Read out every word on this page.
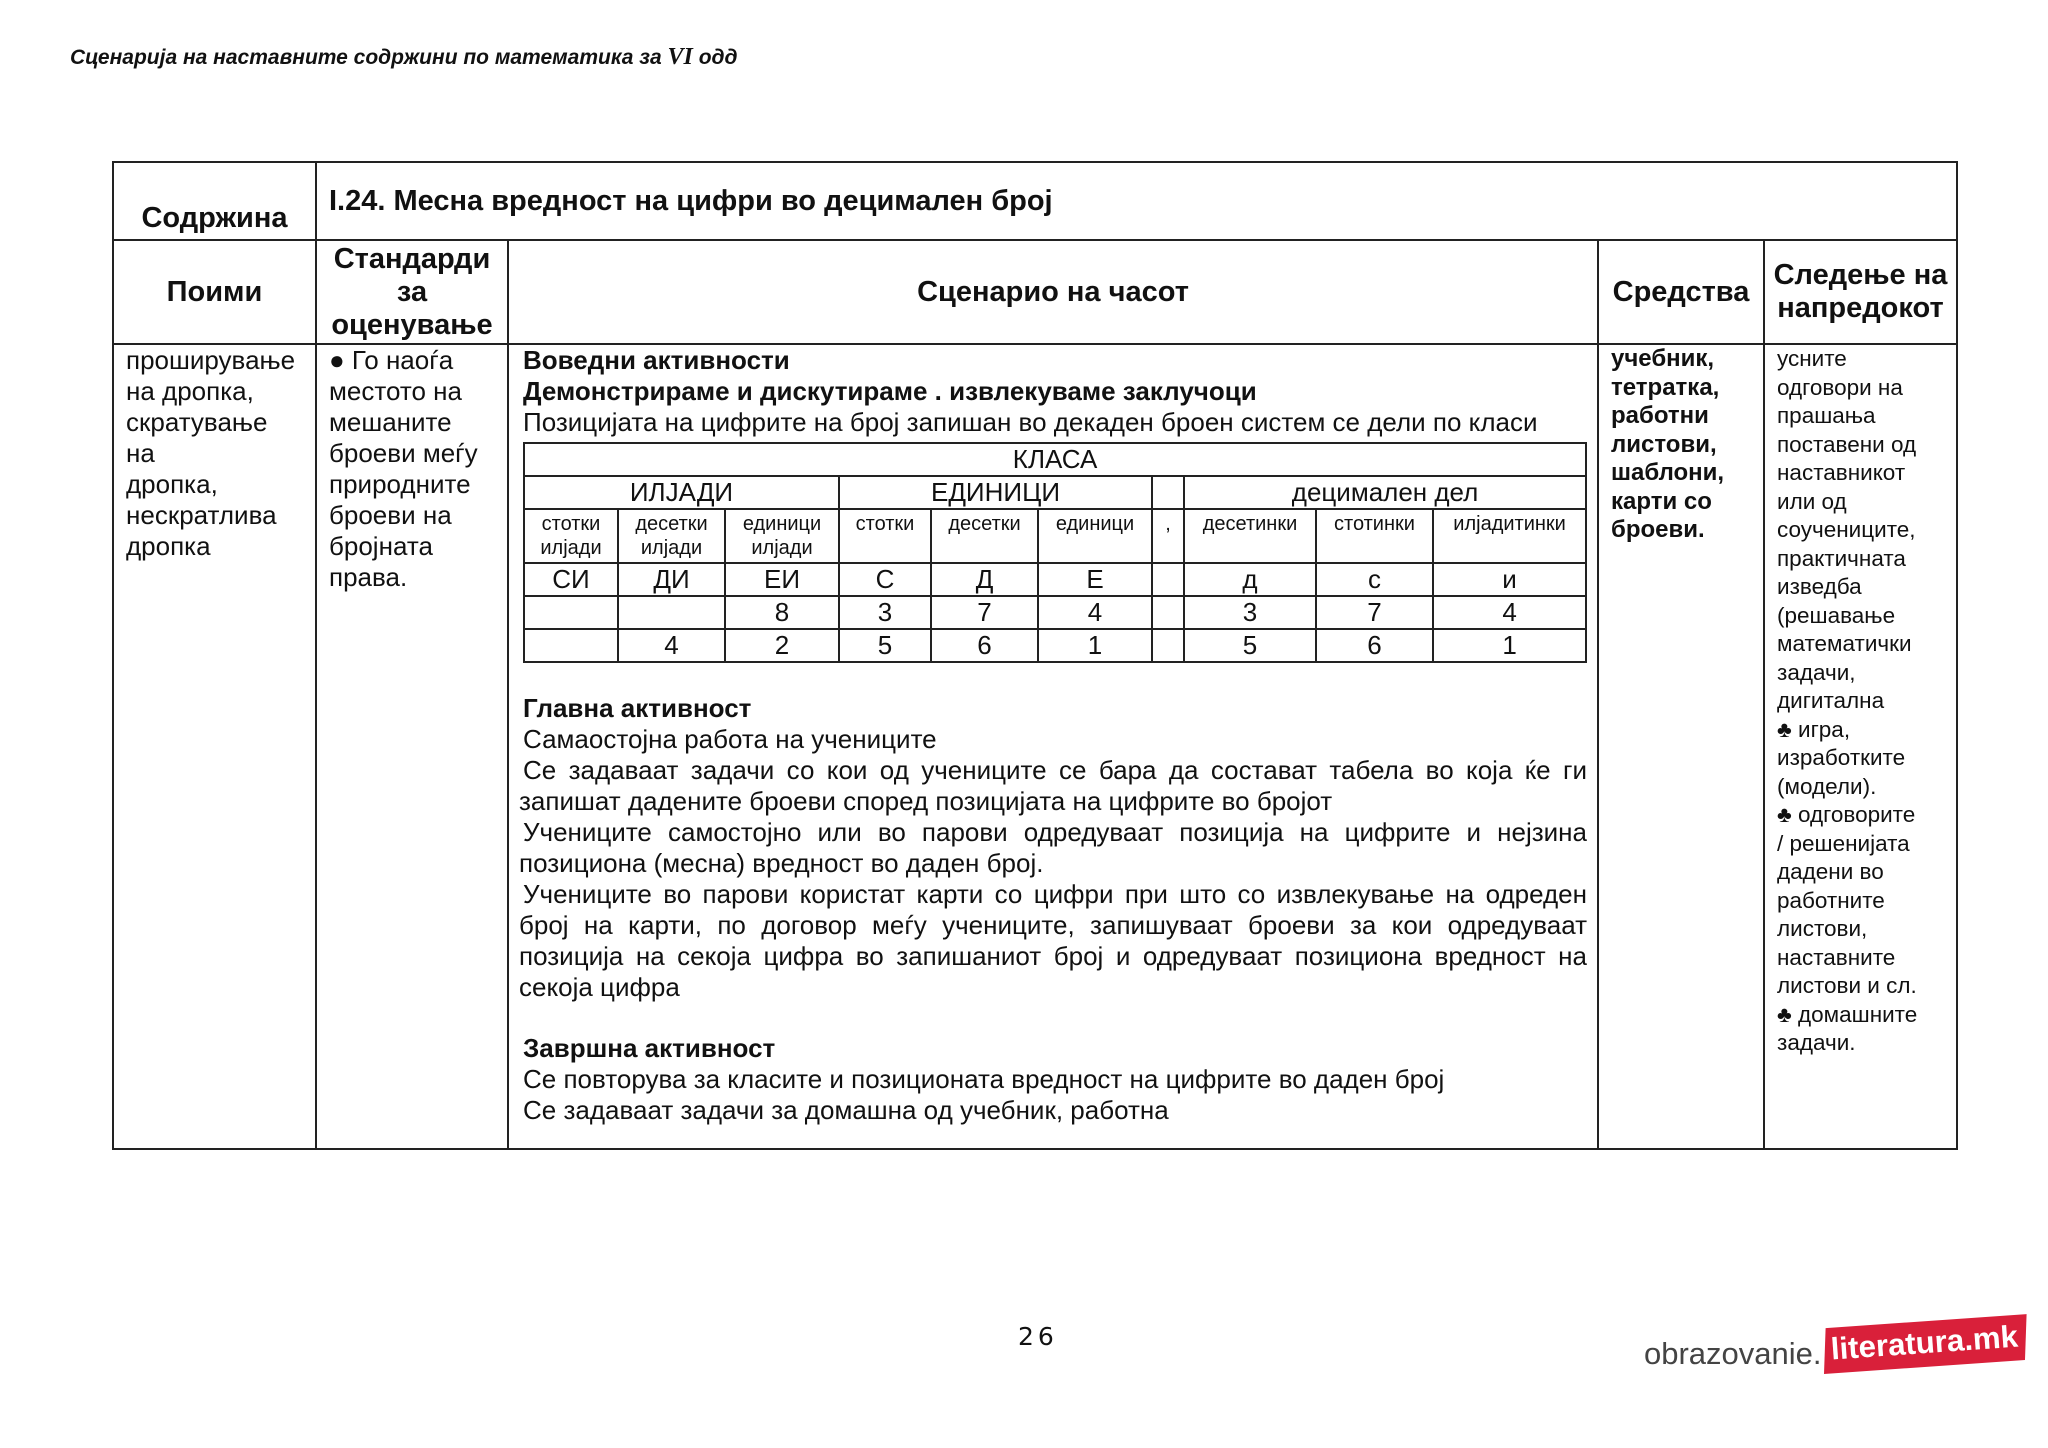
Сценарија на наставните содржини по математика за VI одд
Содржина	I.24. Месна вредност на цифри во децимален број
Поими	Стандарди за оценување	Сценарио на часот	Средства	Следење на напредокот

проширување
на дропка,
скратување
на
дропка,
нескратлива
дропка

● Го наоѓа
местото на
мешаните
броеви меѓу
природните
броеви на
бројната
права.

Воведни активности

Демонстрираме и дискутираме . извлекуваме заклучоци

Позицијата на цифрите на број запишан во декаден броен систем се дели по класи

КЛАСА
ИЛЈАДИ	ЕДИНИЦИ		децимален дел
стотки илјади	десетки илјади	единици илјади	стотки	десетки	единици	,	десетинки	стотинки	илјадитинки
СИ	ДИ	ЕИ	С	Д	Е		д	с	и
		8	3	7	4		3	7	4
	4	2	5	6	1		5	6	1

Главна активност

Самаостојна работа на учениците

Се задаваат задачи со кои од учениците се бара да состават табела во која ќе ги запишат дадените броеви според позицијата на цифрите во бројот

Учениците самостојно или во парови одредуваат позиција на цифрите и нејзина позициона (месна) вредност во даден број.

Учениците во парови користат карти со цифри при што со извлекување на одреден број на карти, по договор меѓу учениците, запишуваат броеви за кои одредуваат позиција на секоја цифра во запишаниот број и одредуваат позициона вредност на секоја цифра

Завршна активност

Се повторува за класите и позиционата вредност на цифрите во даден број

Се задаваат задачи за домашна од учебник, работна

учебник,
тетратка,
работни
листови,
шаблони,
карти со
броеви.

усните
одговори на
прашања
поставени од
наставникот
или од
соучениците,
практичната
изведба
(решавање
математички
задачи,
дигитална
♣ игра,
изработките
(модели).
♣ одговорите
/ решенијата
дадени во
работните
листови,
наставните
листови и сл.
♣ домашните
задачи.
26	obrazovanie. literatura.mk
